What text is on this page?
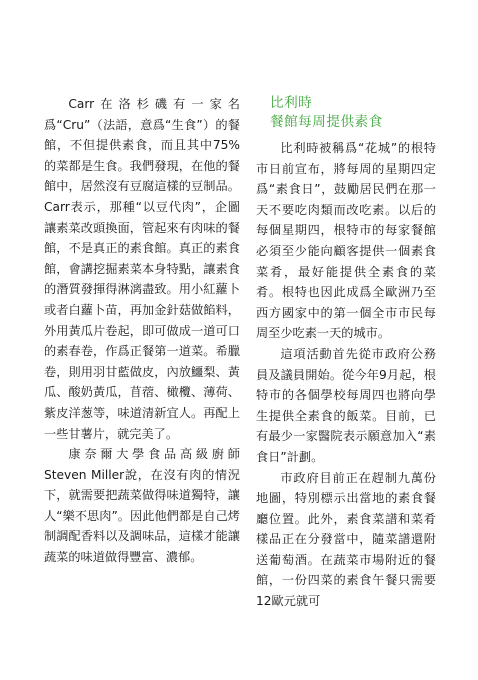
Carr在洛杉磯有一家名爲“Cru”（法語，意爲“生食”）的餐館，不但提供素食，而且其中75%的菜都是生食。我們發現，在他的餐館中，居然沒有豆腐這樣的豆制品。Carr表示，那種“以豆代肉”，企圖讓素菜改頭換面，管起來有肉味的餐館，不是真正的素食館。真正的素食館，會講挖掘素菜本身特點，讓素食的潛質發揮得淋漓盡致。用小紅蘿卜或者白蘿卜苗，再加金針菇做餡料，外用黃瓜片卷起，即可做成一道可口的素春卷，作爲正餐第一道菜。希臘卷，則用羽甘藍做皮，內放鱷梨、黃瓜、酸奶黃瓜，苜蓿、橄欖、薄荷、紫皮洋葱等，味道清新宜人。再配上一些甘薯片，就完美了。

康奈爾大學食品高級廚師Steven Miller說，在沒有肉的情況下，就需要把蔬菜做得味道獨特，讓人“樂不思肉”。因此他們都是自己烤制調配香料以及調味品，這樣才能讓蔬菜的味道做得豐富、濃郁。

比利時
餐館每周提供素食

比利時被稱爲“花城”的根特市日前宣布，將每周的星期四定爲“素食日”，鼓勵居民們在那一天不要吃肉類而改吃素。以后的每個星期四，根特市的每家餐館必須至少能向顧客提供一個素食菜肴，最好能提供全素食的菜肴。根特也因此成爲全歐洲乃至西方國家中的第一個全市市民每周至少吃素一天的城市。

這項活動首先從市政府公務員及議員開始。從今年9月起，根特市的各個學校每周四也將向學生提供全素食的飯菜。目前，已有最少一家醫院表示願意加入“素食日”計劃。

市政府目前正在趕制九萬份地圖，特別標示出當地的素食餐廳位置。此外，素食菜譜和菜肴樣品正在分發當中，隨菜譜還附送葡萄酒。在蔬菜市場附近的餐館，一份四菜的素食午餐只需要12歐元就可
